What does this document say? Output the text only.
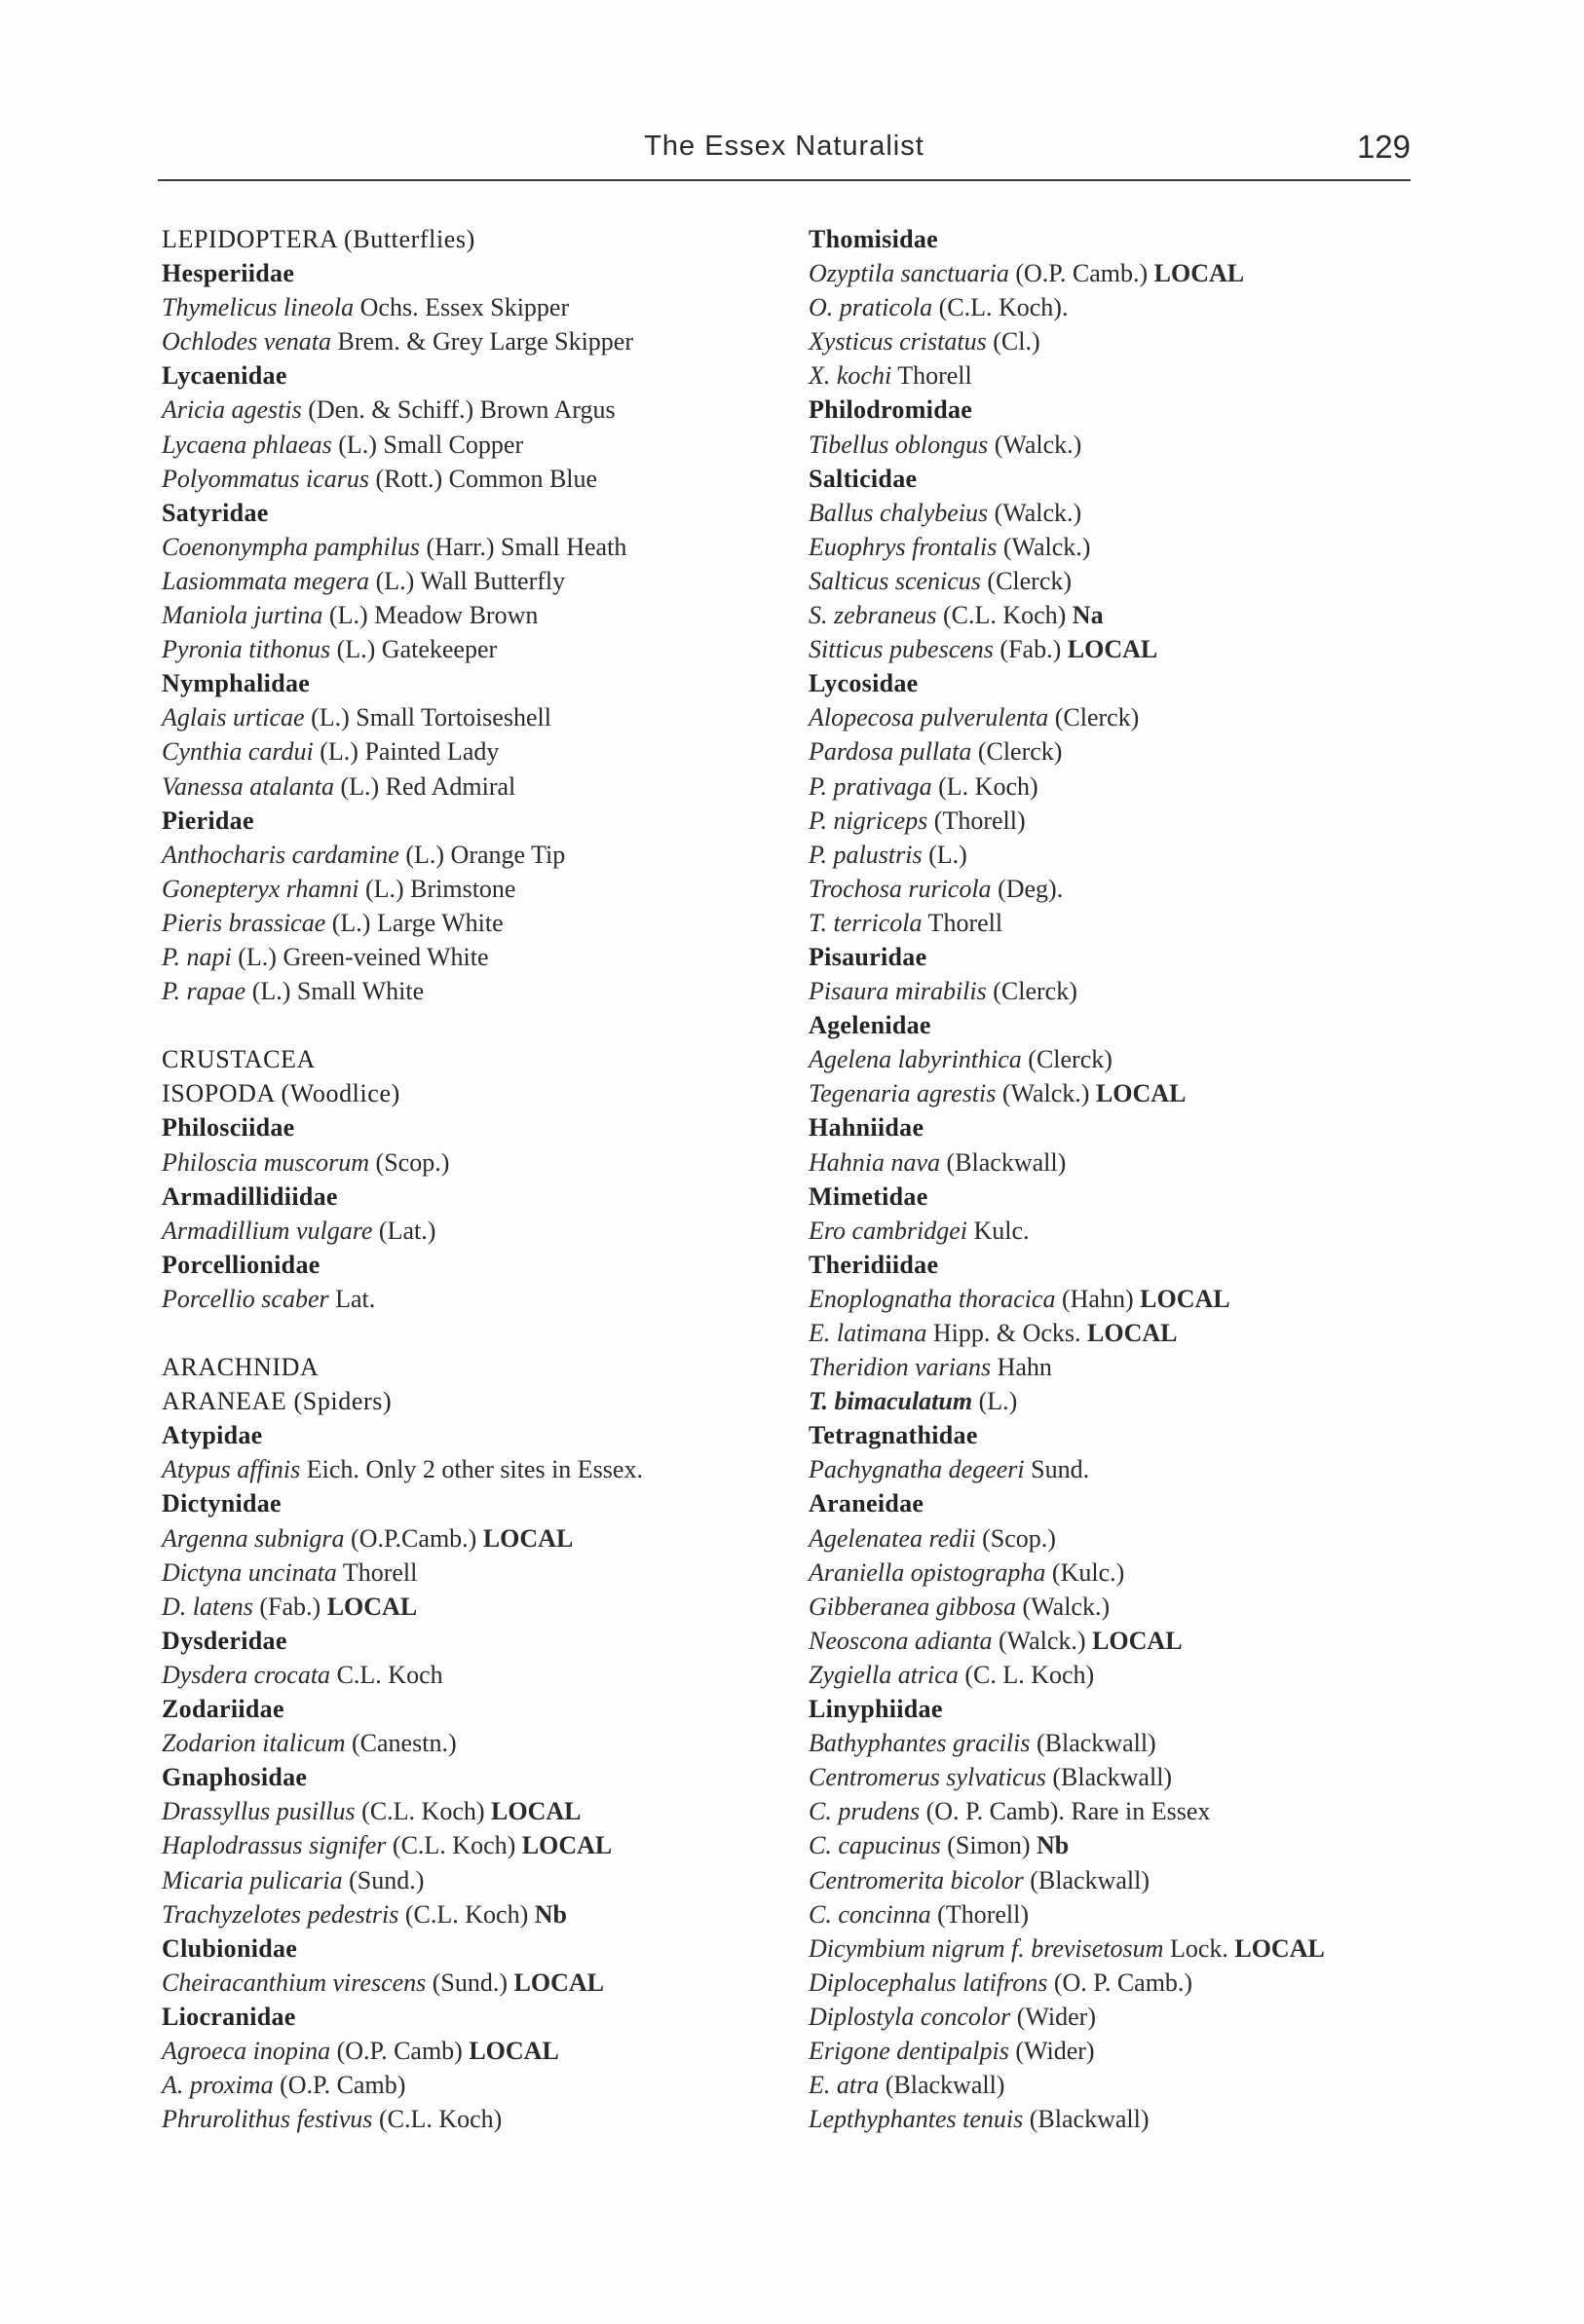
The Essex Naturalist	129
LEPIDOPTERA (Butterflies)
Hesperiidae
Thymelicus lineola Ochs. Essex Skipper
Ochlodes venata Brem. & Grey Large Skipper
Lycaenidae
Aricia agestis (Den. & Schiff.) Brown Argus
Lycaena phlaeas (L.) Small Copper
Polyommatus icarus (Rott.) Common Blue
Satyridae
Coenonympha pamphilus (Harr.) Small Heath
Lasiommata megera (L.) Wall Butterfly
Maniola jurtina (L.) Meadow Brown
Pyronia tithonus (L.) Gatekeeper
Nymphalidae
Aglais urticae (L.) Small Tortoiseshell
Cynthia cardui (L.) Painted Lady
Vanessa atalanta (L.) Red Admiral
Pieridae
Anthocharis cardamine (L.) Orange Tip
Gonepteryx rhamni (L.) Brimstone
Pieris brassicae (L.) Large White
P. napi (L.) Green-veined White
P. rapae (L.) Small White
CRUSTACEA
ISOPODA (Woodlice)
Philosciidae
Philoscia muscorum (Scop.)
Armadillidiidae
Armadillium vulgare (Lat.)
Porcellionidae
Porcellio scaber Lat.
ARACHNIDA
ARANEAE (Spiders)
Atypidae
Atypus affinis Eich. Only 2 other sites in Essex.
Dictynidae
Argenna subnigra (O.P.Camb.) LOCAL
Dictyna uncinata Thorell
D. latens (Fab.) LOCAL
Dysderidae
Dysdera crocata C.L. Koch
Zodariidae
Zodarion italicum (Canestn.)
Gnaphosidae
Drassyllus pusillus (C.L. Koch) LOCAL
Haplodrassus signifer (C.L. Koch) LOCAL
Micaria pulicaria (Sund.)
Trachyzelotes pedestris (C.L. Koch) Nb
Clubionidae
Cheiracanthium virescens (Sund.) LOCAL
Liocranidae
Agroeca inopina (O.P. Camb) LOCAL
A. proxima (O.P. Camb)
Phrurolithus festivus (C.L. Koch)
Thomisidae
Ozyptila sanctuaria (O.P. Camb.) LOCAL
O. praticola (C.L. Koch).
Xysticus cristatus (Cl.)
X. kochi Thorell
Philodromidae
Tibellus oblongus (Walck.)
Salticidae
Ballus chalybeius (Walck.)
Euophrys frontalis (Walck.)
Salticus scenicus (Clerck)
S. zebraneus (C.L. Koch) Na
Sitticus pubescens (Fab.) LOCAL
Lycosidae
Alopecosa pulverulenta (Clerck)
Pardosa pullata (Clerck)
P. prativaga (L. Koch)
P. nigriceps (Thorell)
P. palustris (L.)
Trochosa ruricola (Deg).
T. terricola Thorell
Pisauridae
Pisaura mirabilis (Clerck)
Agelenidae
Agelena labyrinthica (Clerck)
Tegenaria agrestis (Walck.) LOCAL
Hahniidae
Hahnia nava (Blackwall)
Mimetidae
Ero cambridgei Kulc.
Theridiidae
Enoplognatha thoracica (Hahn) LOCAL
E. latimana Hipp. & Ocks. LOCAL
Theridion varians Hahn
T. bimaculatum (L.)
Tetragnathidae
Pachygnatha degeeri Sund.
Araneidae
Agelenatea redii (Scop.)
Araniella opistographa (Kulc.)
Gibberanea gibbosa (Walck.)
Neoscona adianta (Walck.) LOCAL
Zygiella atrica (C. L. Koch)
Linyphiidae
Bathyphantes gracilis (Blackwall)
Centromerus sylvaticus (Blackwall)
C. prudens (O. P. Camb). Rare in Essex
C. capucinus (Simon) Nb
Centromerita bicolor (Blackwall)
C. concinna (Thorell)
Dicymbium nigrum f. brevisetosum Lock. LOCAL
Diplocephalus latifrons (O. P. Camb.)
Diplostyla concolor (Wider)
Erigone dentipalpis (Wider)
E. atra (Blackwall)
Lepthyphantes tenuis (Blackwall)
